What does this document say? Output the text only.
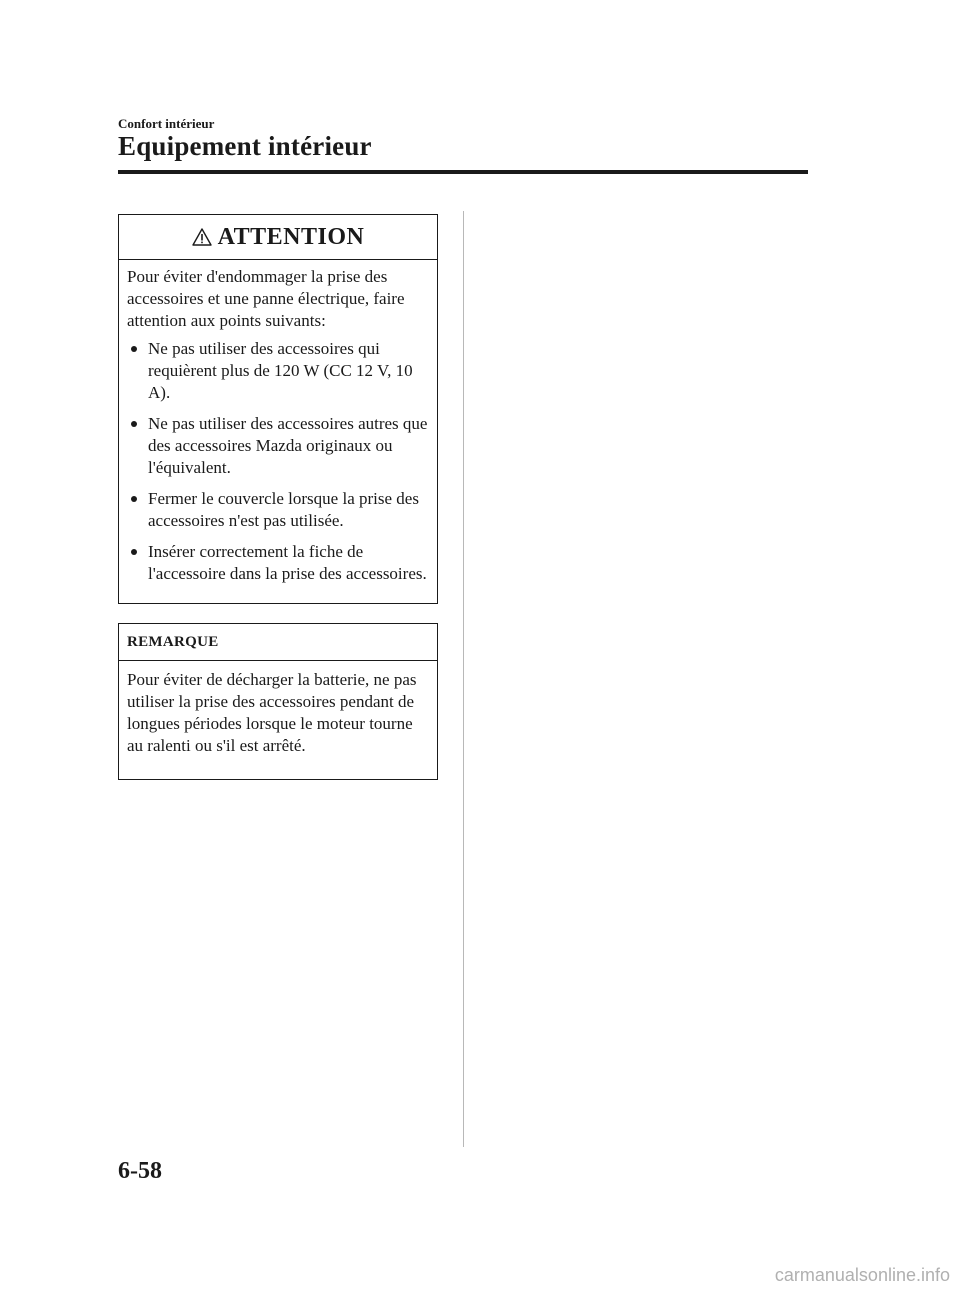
Confort intérieur
Equipement intérieur
ATTENTION

Pour éviter d'endommager la prise des accessoires et une panne électrique, faire attention aux points suivants:

Ne pas utiliser des accessoires qui requièrent plus de 120 W (CC 12 V, 10 A).
Ne pas utiliser des accessoires autres que des accessoires Mazda originaux ou l'équivalent.
Fermer le couvercle lorsque la prise des accessoires n'est pas utilisée.
Insérer correctement la fiche de l'accessoire dans la prise des accessoires.
REMARQUE
Pour éviter de décharger la batterie, ne pas utiliser la prise des accessoires pendant de longues périodes lorsque le moteur tourne au ralenti ou s'il est arrêté.
6-58
carmanualsonline.info
